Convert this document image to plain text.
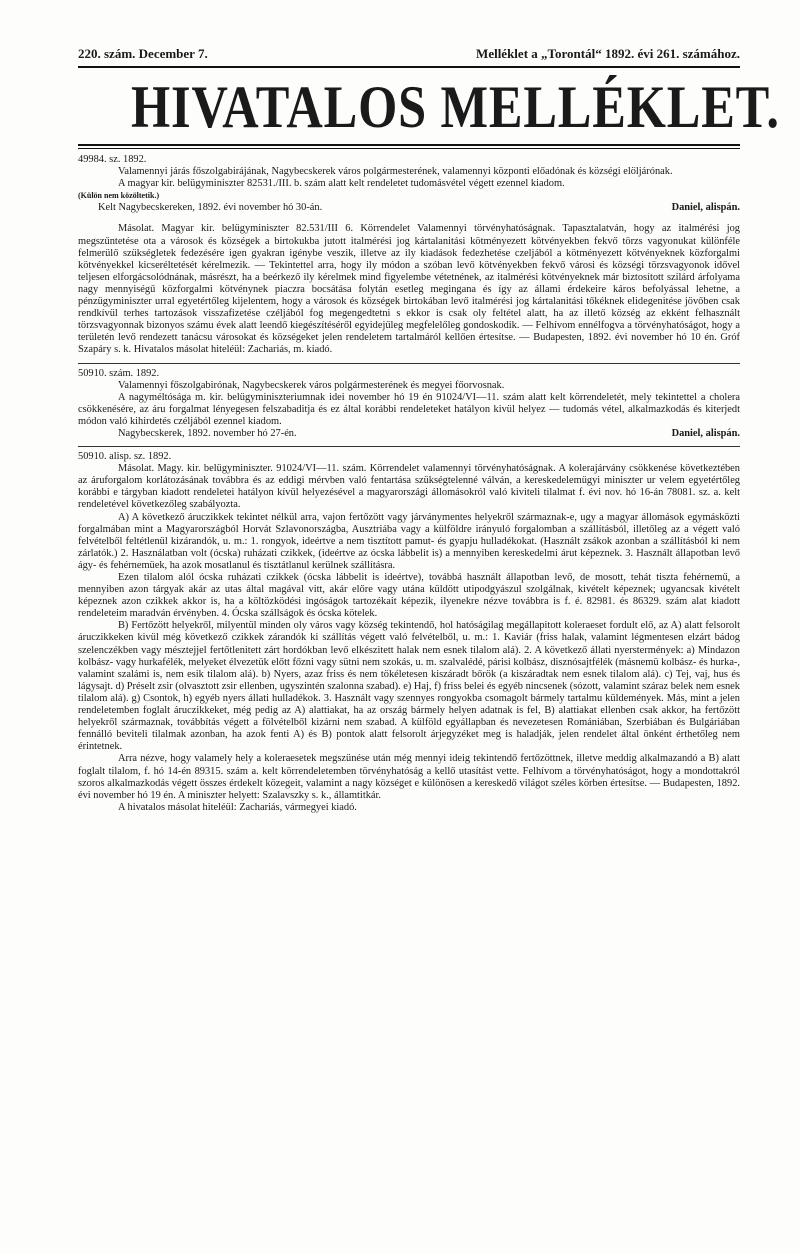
220. szám. December 7.	Melléklet a „Torontál“ 1892. évi 261. számához.
HIVATALOS MELLÉKLET.

49984. sz. 1892.

Valamennyi járás főszolgabirájának, Nagybecskerek város polgármesterének, valamennyi központi előadónak és községi elöljárónak.

A magyar kir. belügyminiszter 82531./III. b. szám alatt kelt rendeletet tudomásvétel végett ezennel kiadom.

(Külön nem közöltetik.)

Kelt Nagybecskereken, 1892. évi november hó 30-án.	Daniel, alispán.

Másolat. Magyar kir. belügyminiszter 82.531/III 6. Körrendelet Valamennyi törvényhatóságnak. Tapasztalatván, hogy az italmérési jog megszűntetése ota a városok és községek a birtokukba jutott italmérési jog kártalanitási kötményezett kötvényekben fekvő törzs vagyonukat különféle felmerülő szükségletek fedezésére igen gyakran igénybe veszik, illetve az ily kiadások fedezhetése czeljából a kötményezett kötvényeknek közforgalmi kötvényekkel kicseréltetését kérelmezik. — Tekintettel arra, hogy ily módon a szóban levő kötvényekben fekvő városi és községi törzsvagyonok idővel teljesen elforgácsolódnának, másrészt, ha a beérkező ily kérelmek mind figyelembe vétetnének, az italmérési kötvényeknek már biztosított szilárd árfolyama nagy mennyiségű közforgalmi kötvénynek piaczra bocsátása folytán esetleg megingana és így az állami érdekeire káros befolyással lehetne, a pénzügyminiszter urral egyetértőleg kijelentem, hogy a városok és községek birtokában levő italmérési jog kártalanitási tőkéknek elidegenitése jövőben csak rendkívül terhes tartozások visszafizetése czéljából fog megengedtetni s ekkor is csak oly feltétel alatt, ha az illető község az ekként felhasznált törzsvagyonnak bizonyos számu évek alatt leendő kiegészítéséről egyidejűleg megfelelőleg gondoskodik. — Felhívom ennélfogva a törvényhatóságot, hogy a területén levő rendezett tanácsu városokat és községeket jelen rendeletem tartalmáról kellően értesítse. — Budapesten, 1892. évi november hó 10 én. Gróf Szapáry s. k. Hivatalos másolat hiteléül: Zachariás, m. kiadó.

50910. szám. 1892.

Valamennyi főszolgabirónak, Nagybecskerek város polgármesterének és megyei főorvosnak.

A nagyméltósága m. kir. belügyminiszteriumnak idei november hó 19 én 91024/VI—11. szám alatt kelt körrendeletét, mely tekintettel a cholera csökkenésére, az áru forgalmat lényegesen felszabaditja és ez által korábbi rendeleteket hatályon kivül helyez — tudomás vétel, alkalmazkodás és kiterjedt módon való kihirdetés czéljából ezennel kiadom.

Nagybecskerek, 1892. november hó 27-én.	Daniel, alispán.

50910. alisp. sz. 1892.

Másolat. Magy. kir. belügyminiszter. 91024/VI—11. szám. Körrendelet valamennyi törvényhatóságnak. A kolerajárvány csökkenése következtében az áruforgalom korlátozásának továbbra és az eddigi mérvben való fentartása szükségtelenné válván, a kereskedelemügyi miniszter ur velem egyetértőleg korábbi e tárgyban kiadott rendeletei hatályon kívül helyezésével a magyarországi állomásokról való kiviteli tilalmat f. évi nov. hó 16-án 78081. sz. a. kelt rendeletével következőleg szabályozta.

A) A következő áruczikkek tekintet nélkül arra, vajon fertőzött vagy járványmentes helyekről származnak-e, ugy a magyar állomások egymásközti forgalmában mint a Magyarországból Horvát Szlavonországba, Ausztriába vagy a külföldre irányuló forgalomban a szállításból, illetőleg az a végett való felvételből feltétlenül kizárandók, u. m.: 1. rongyok, ideértve a nem tisztított pamut- és gyapju hulladékokat. (Használt zsákok azonban a szállításból ki nem zárlatók.) 2. Használatban volt (ócska) ruházati czikkek, (ideértve az ócska lábbelit is) a mennyiben kereskedelmi árut képeznek. 3. Használt állapotban levő ágy- és fehérnemüek, ha azok mosatlanul és tisztátlanul kerülnek szállításra.

Ezen tilalom alól ócska ruházati czikkek (ócska lábbelit is ideértve), továbbá használt állapotban levő, de mosott, tehát tiszta fehérnemű, a mennyiben azon tárgyak akár az utas által magával vitt, akár előre vagy utána küldött utipodgyászul szolgálnak, kivételt képeznek; ugyancsak kivételt képeznek azon czikkek akkor is, ha a költözködési ingóságok tartozékait képezik, ilyenekre nézve továbbra is f. é. 82981. és 86329. szám alat kiadott rendeleteim maradván érvényben. 4. Ócska szállságok és ócska kötelek.

B) Fertőzött helyekről, milyentül minden oly város vagy község tekintendő, hol hatóságilag megállapitott koleraeset fordult elő, az A) alatt felsorolt áruczikkeken kivül még következő czikkek zárandók ki szállítás végett való felvételből, u. m.: 1. Kaviár (friss halak, valamint légmentesen elzárt bádog szelenczékben vagy mésztejjel fertőtlenitett zárt hordókban levő elkészitett halak nem esnek tilalom alá). 2. A következő állati nyerstermények: a) Mindazon kolbász- vagy hurkafélék, melyeket élvezetük előtt főzni vagy sütni nem szokás, u. m. szalvalédé, párisi kolbász, disznósajtfélék (másnemü kolbász- és hurka-, valamint szalámi is, nem esik tilalom alá). b) Nyers, azaz friss és nem tökéletesen kiszáradt bőrök (a kiszáradtak nem esnek tilalom alá). c) Tej, vaj, hus és lágysajt. d) Préselt zsir (olvasztott zsir ellenben, ugyszintén szalonna szabad). e) Haj, f) friss belei és egyéb nincsenek (sózott, valamint száraz belek nem esnek tilalom alá). g) Csontok, h) egyéb nyers állati hulladékok. 3. Használt vagy szennyes rongyokba csomagolt bármely tartalmu küldemények. Más, mint a jelen rendeletemben foglalt áruczikkeket, még pedig az A) alattiakat, ha az ország bármely helyen adatnak is fel, B) alattiakat ellenben csak akkor, ha fertőzött helyekről származnak, továbbítás végett a fölvételből kizárni nem szabad. A külföld egyállapban és nevezetesen Romániában, Szerbiában és Bulgáriában fennálló beviteli tilalmak azonban, ha azok fenti A) és B) pontok alatt felsorolt árjegyzéket meg is haladják, jelen rendelet által önként érthetőleg nem érintetnek.

Arra nézve, hogy valamely hely a koleraesetek megszünése után még mennyi ideig tekintendő fertőzöttnek, illetve meddig alkalmazandó a B) alatt foglalt tilalom, f. hó 14-én 89315. szám a. kelt körrendeletemben törvényhatóság a kellő utasítást vette. Felhívom a törvényhatóságot, hogy a mondottakról szoros alkalmazkodás végett összes érdekelt közegeit, valamint a nagy községet e különösen a kereskedő világot széles körben értesítse. — Budapesten, 1892. évi november hó 19 én. A miniszter helyett: Szalavszky s. k., államtitkár.

A hivatalos másolat hiteléül: Zachariás, vármegyei kiadó.
